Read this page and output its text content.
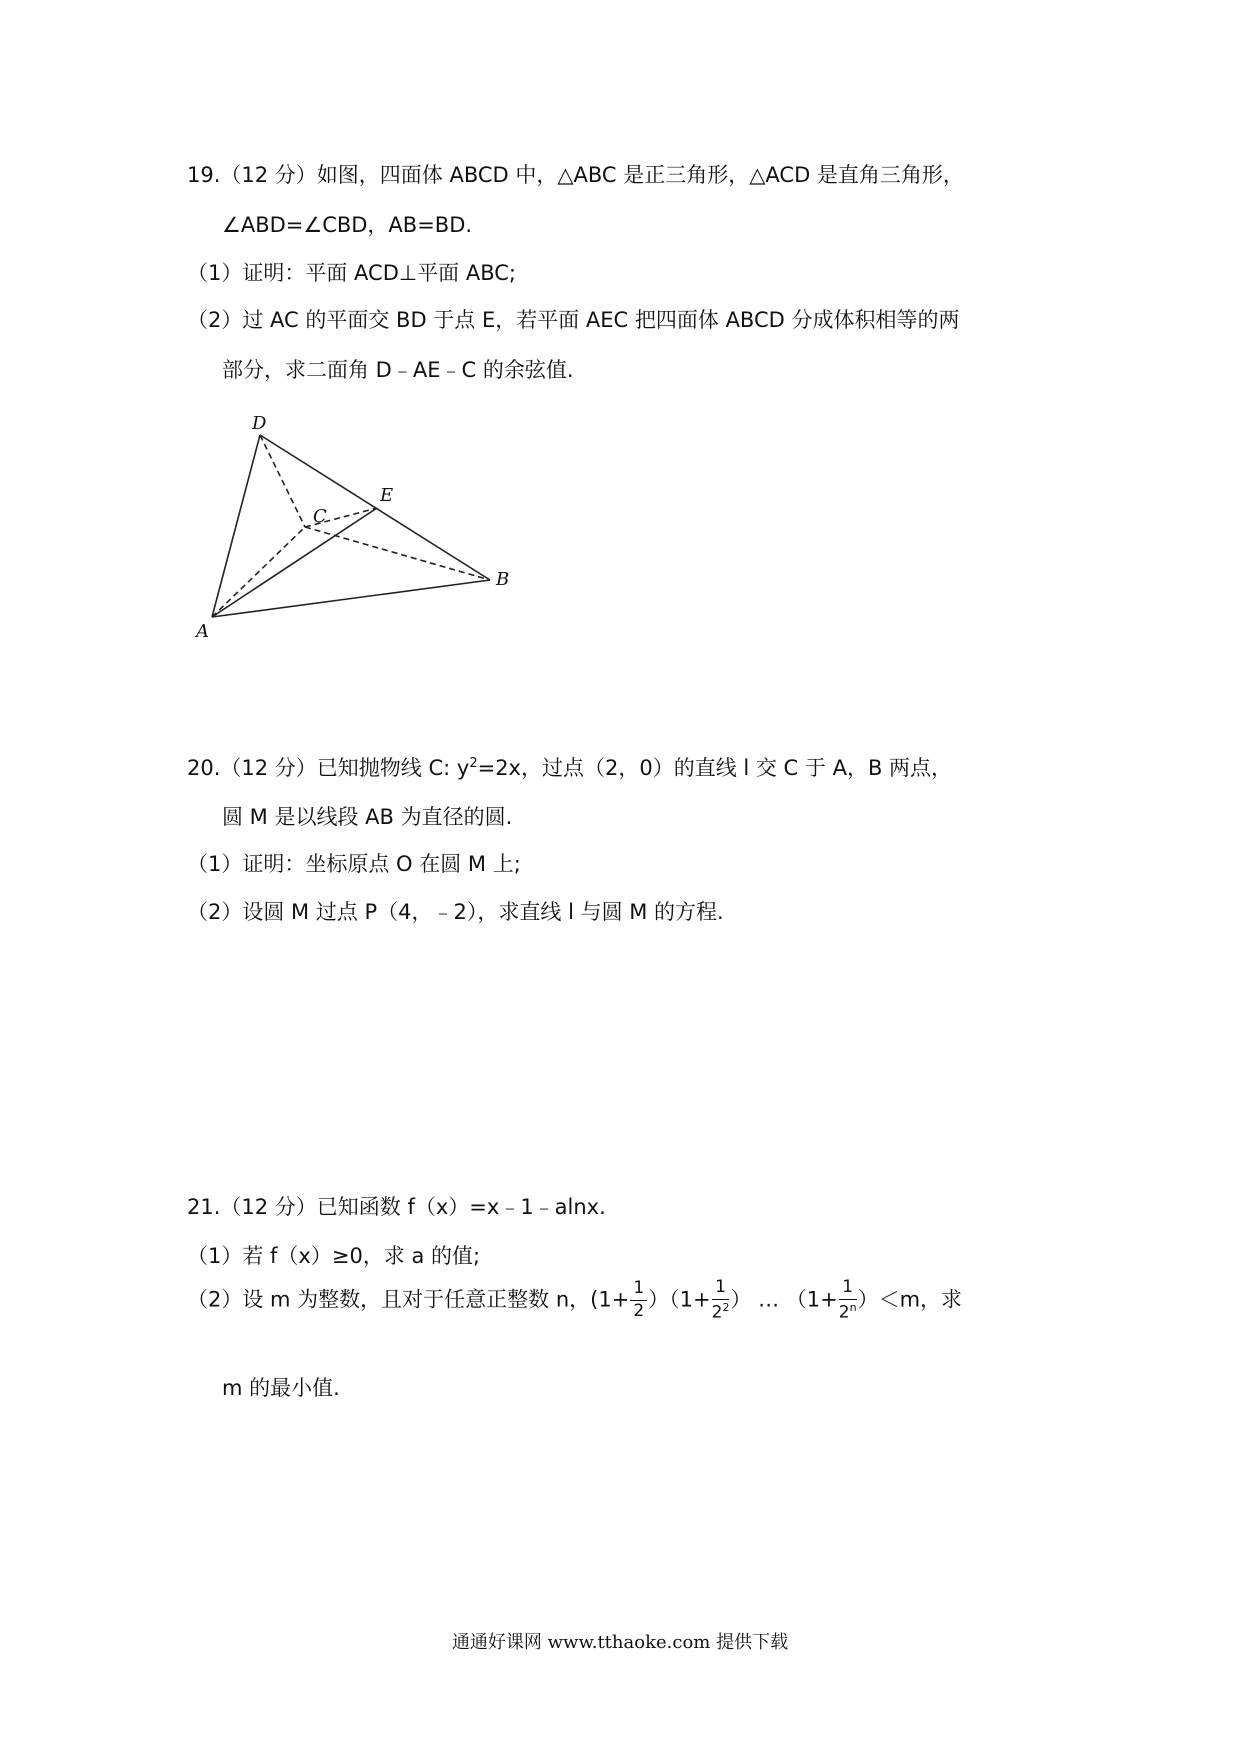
19.（12 分）如图，四面体 ABCD 中，△ABC 是正三角形，△ACD 是直角三角形，
∠ABD=∠CBD，AB=BD.
（1）证明：平面 ACD⊥平面 ABC;
（2）过 AC 的平面交 BD 于点 E，若平面 AEC 把四面体 ABCD 分成体积相等的两
部分，求二面角 D﹣AE﹣C 的余弦值.
D
C
E
B
A
20.（12 分）已知抛物线 C: $y^2=2x$，过点（2，0）的直线 l 交 C 于 A，B 两点，
圆 M 是以线段 AB 为直径的圆.
（1）证明：坐标原点 O 在圆 M 上;
（2）设圆 M 过点 P（4，﹣2），求直线 l 与圆 M 的方程.
21.（12 分）已知函数 f（x）=x﹣1﹣alnx.
（1）若 f（x）≥0，求 a 的值;
（2）设 m 为整数，且对于任意正整数 n，$(1+ \frac{1}{2} )(1+ \frac{1}{2^2}$ ） … $(1+ \frac{1}{2^n} )<m$，求
m 的最小值.
通通好课网 www.tthaoke.com 提供下载
